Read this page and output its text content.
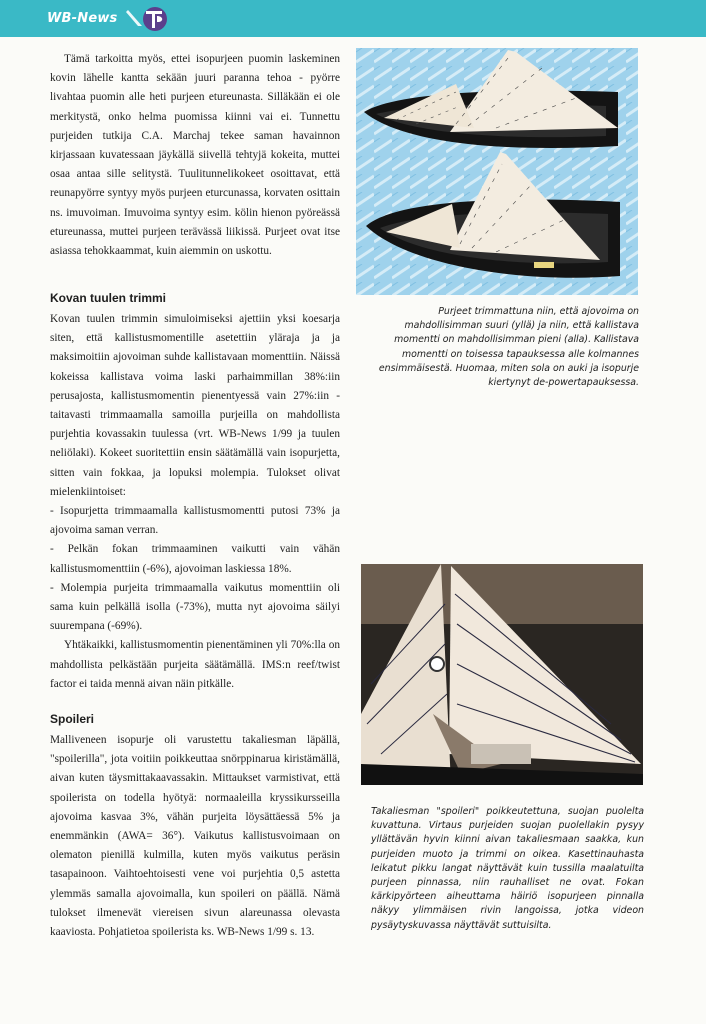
WB-News

Tämä tarkoitta myös, ettei isopurjeen puomin laskeminen kovin lähelle kantta sekään juuri paranna tehoa - pyörre livahtaa puomin alle heti purjeen etureunasta. Silläkään ei ole merkitystä, onko helma puomissa kiinni vai ei. Tunnettu purjeiden tutkija C.A. Marchaj tekee saman havainnon kirjassaan kuvatessaan jäykällä siivellä tehtyjä kokeita, muttei osaa antaa sille selitystä. Tuulitunnelikokeet osoittavat, että reunapyörre syntyy myös purjeen eturcunassa, korvaten osittain ns. imuvoiman. Imuvoima syntyy esim. kölin hienon pyöreässä etureunassa, muttei purjeen terävässä liikissä. Purjeet ovat itse asiassa tehokkaammat, kuin aiemmin on uskottu.

Kovan tuulen trimmi

Kovan tuulen trimmin simuloimiseksi ajettiin yksi koesarja siten, että kallistusmomentille asetettiin yläraja ja ja maksimoitiin ajovoiman suhde kallistavaan momenttiin. Näissä kokeissa kallistava voima laski parhaimmillan 38%:iin perusajosta, kallistusmomentin pienentyessä vain 27%:iin - taitavasti trimmaamalla samoilla purjeilla on mahdollista purjehtia kovassakin tuulessa (vrt. WB-News 1/99 ja tuulen neliölaki). Kokeet suoritettiin ensin säätämällä vain isopurjetta, sitten vain fokkaa, ja lopuksi molempia. Tulokset olivat mielenkiintoiset:

- Isopurjetta trimmaamalla kallistusmomentti putosi 73% ja ajovoima saman verran.

- Pelkän fokan trimmaaminen vaikutti vain vähän kallistusmomenttiin (-6%), ajovoiman laskiessa 18%.

- Molempia purjeita trimmaamalla vaikutus momenttiin oli sama kuin pelkällä isolla (-73%), mutta nyt ajovoima säilyi suurempana (-69%).

Yhtäkaikki, kallistusmomentin pienentäminen yli 70%:lla on mahdollista pelkästään purjeita säätämällä. IMS:n reef/twist factor ei taida mennä aivan näin pitkälle.

Spoileri

Malliveneen isopurje oli varustettu takaliesman läpällä, "spoilerilla", jota voitiin poikkeuttaa snörppinarua kiristämällä, aivan kuten täysmittakaavassakin. Mittaukset varmistivat, että spoilerista on todella hyötyä: normaaleilla kryssikursseilla ajovoima kasvaa 3%, vähän purjeita löysättäessä 5% ja enemmänkin (AWA= 36°). Vaikutus kallistusvoimaan on olematon pienillä kulmilla, kuten myös vaikutus peräsin tasapainoon. Vaihtoehtoisesti vene voi purjehtia 0,5 astetta ylemmäs samalla ajovoimalla, kun spoileri on päällä. Nämä tulokset ilmenevät viereisen sivun alareunassa olevasta kaaviosta. Pohjatietoa spoilerista ks. WB-News 1/99 s. 13.

Purjeet trimmattuna niin, että ajovoima on mahdollisimman suuri (yllä) ja niin, että kallistava momentti on mahdollisimman pieni (alla). Kallistava momentti on toisessa tapauksessa alle kolmannes ensimmäisestä. Huomaa, miten sola on auki ja isopurje kiertynyt de-powertapauksessa.
Takaliesman "spoileri" poikkeutettuna, suojan puolelta kuvattuna. Virtaus purjeiden suojan puolellakin pysyy yllättävän hyvin kiinni aivan takaliesmaan saakka, kun purjeiden muoto ja trimmi on oikea. Kasettinauhasta leikatut pikku langat näyttävät kuin tussilla maalatuilta purjeen pinnassa, niin rauhalliset ne ovat. Fokan kärkipyörteen aiheuttama häiriö isopurjeen pinnalla näkyy ylimmäisen rivin langoissa, jotka videon pysäytyskuvassa näyttävät suttuisilta.
